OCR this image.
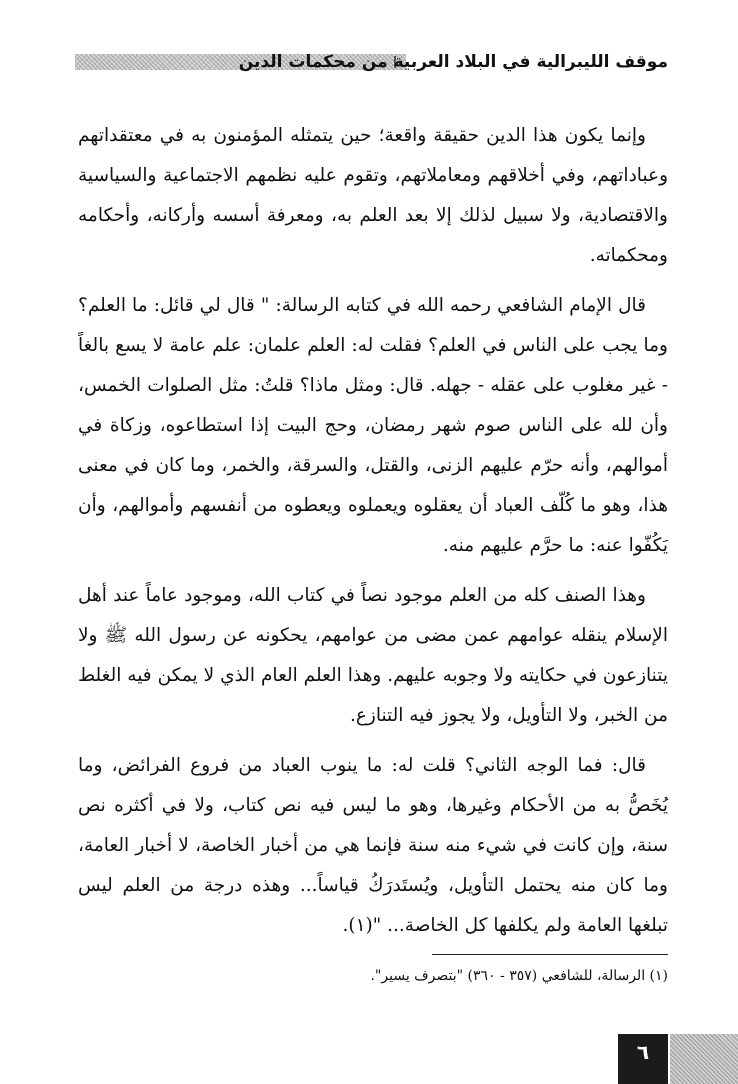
موقف الليبرالية في البلاد العربية من محكمات الدين

وإنما يكون هذا الدين حقيقة واقعة؛ حين يتمثله المؤمنون به في معتقداتهم وعباداتهم، وفي أخلاقهم ومعاملاتهم، وتقوم عليه نظمهم الاجتماعية والسياسية والاقتصادية، ولا سبيل لذلك إلا بعد العلم به، ومعرفة أسسه وأركانه، وأحكامه ومحكماته.

قال الإمام الشافعي رحمه الله في كتابه الرسالة: " قال لي قائل: ما العلم؟ وما يجب على الناس في العلم؟ فقلت له: العلم علمان: علم عامة لا يسع بالغاً - غير مغلوب على عقله - جهله. قال: ومثل ماذا؟ قلتُ: مثل الصلوات الخمس، وأن لله على الناس صوم شهر رمضان، وحج البيت إذا استطاعوه، وزكاة في أموالهم، وأنه حرّم عليهم الزنى، والقتل، والسرقة، والخمر، وما كان في معنى هذا، وهو ما كُلّف العباد أن يعقلوه ويعملوه ويعطوه من أنفسهم وأموالهم، وأن يَكُفّوا عنه: ما حرَّم عليهم منه.

وهذا الصنف كله من العلم موجود نصاً في كتاب الله، وموجود عاماً عند أهل الإسلام ينقله عوامهم عمن مضى من عوامهم، يحكونه عن رسول الله ﷺ ولا يتنازعون في حكايته ولا وجوبه عليهم. وهذا العلم العام الذي لا يمكن فيه الغلط من الخبر، ولا التأويل، ولا يجوز فيه التنازع.

قال: فما الوجه الثاني؟ قلت له: ما ينوب العباد من فروع الفرائض، وما يُخَصُّ به من الأحكام وغيرها، وهو ما ليس فيه نص كتاب، ولا في أكثره نص سنة، وإن كانت في شيء منه سنة فإنما هي من أخبار الخاصة، لا أخبار العامة، وما كان منه يحتمل التأويل، ويُستَدرَكُ قياساً... وهذه درجة من العلم ليس تبلغها العامة ولم يكلفها كل الخاصة... "(١).

(١) الرسالة، للشافعي (٣٥٧ - ٣٦٠) "بتصرف يسير".
٦
